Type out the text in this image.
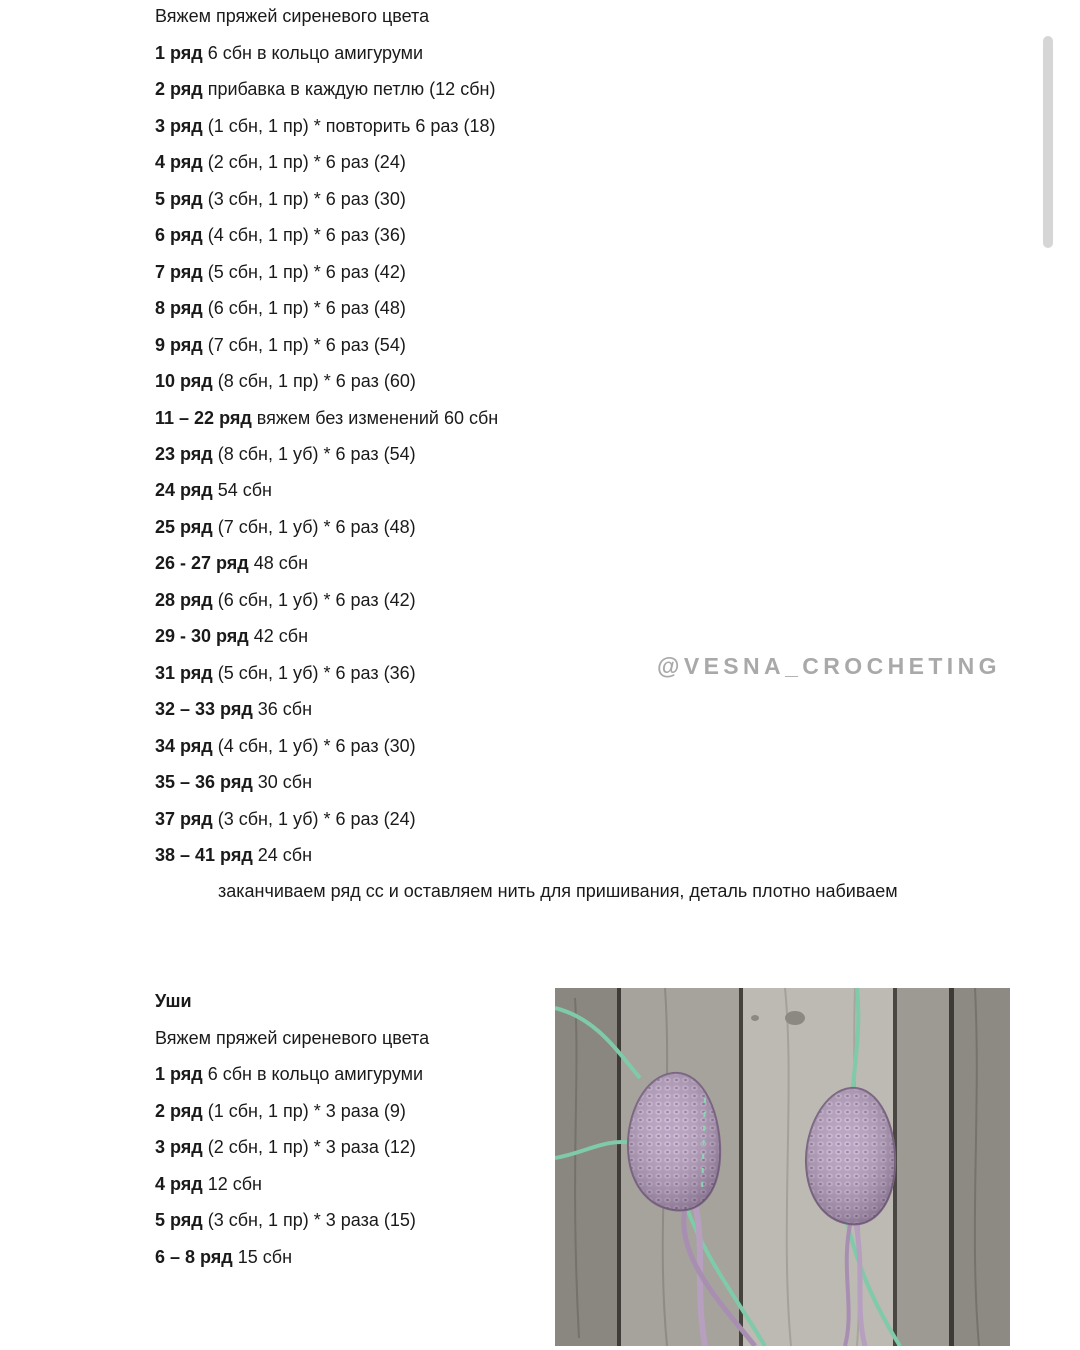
Вяжем пряжей сиреневого цвета
1 ряд 6 сбн в кольцо амигуруми
2 ряд прибавка в каждую петлю (12 сбн)
3 ряд (1 сбн, 1 пр) * повторить 6 раз (18)
4 ряд (2 сбн, 1 пр) * 6 раз (24)
5 ряд (3 сбн, 1 пр) * 6 раз (30)
6 ряд (4 сбн, 1 пр) * 6 раз (36)
7 ряд (5 сбн, 1 пр) * 6 раз (42)
8 ряд (6 сбн, 1 пр) * 6 раз (48)
9 ряд (7 сбн, 1 пр) * 6 раз (54)
10 ряд (8 сбн, 1 пр) * 6 раз (60)
11 – 22 ряд вяжем без изменений 60 сбн
23 ряд (8 сбн, 1 уб) * 6 раз (54)
24 ряд 54 сбн
25 ряд (7 сбн, 1 уб) * 6 раз (48)
26 - 27 ряд 48 сбн
28 ряд (6 сбн, 1 уб) * 6 раз (42)
29 - 30 ряд 42 сбн
31 ряд (5 сбн, 1 уб) * 6 раз (36)
32 – 33 ряд 36 сбн
34 ряд (4 сбн, 1 уб) * 6 раз (30)
35 – 36 ряд 30 сбн
37 ряд (3 сбн, 1 уб) * 6 раз (24)
38 – 41 ряд 24 сбн
заканчиваем ряд сс и оставляем нить для пришивания, деталь плотно набиваем
@VESNA_CROCHETING
Уши
Вяжем пряжей сиреневого цвета
1 ряд 6 сбн в кольцо амигуруми
2 ряд (1 сбн, 1 пр) * 3 раза (9)
3 ряд (2 сбн, 1 пр) * 3 раза (12)
4 ряд 12 сбн
5 ряд (3 сбн, 1 пр) * 3 раза (15)
6 – 8 ряд 15 сбн
